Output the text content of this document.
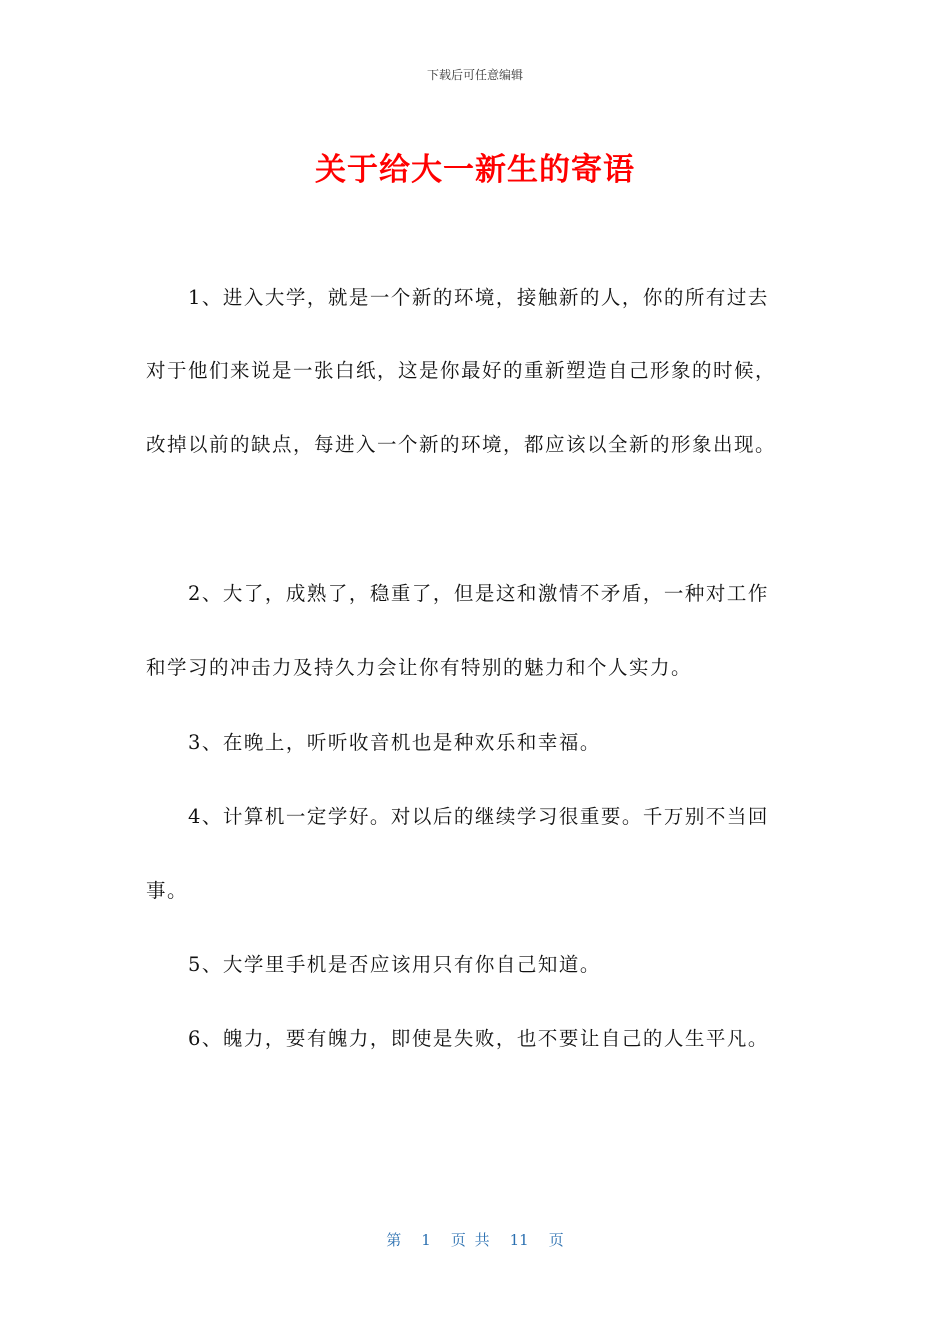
下载后可任意编辑
关于给大一新生的寄语
1、进入大学，就是一个新的环境，接触新的人，你的所有过去
对于他们来说是一张白纸，这是你最好的重新塑造自己形象的时候，
改掉以前的缺点，每进入一个新的环境，都应该以全新的形象出现。
2、大了，成熟了，稳重了，但是这和激情不矛盾，一种对工作
和学习的冲击力及持久力会让你有特别的魅力和个人实力。
3、在晚上，听听收音机也是种欢乐和幸福。
4、计算机一定学好。对以后的继续学习很重要。千万别不当回
事。
5、大学里手机是否应该用只有你自己知道。
6、魄力，要有魄力，即使是失败，也不要让自己的人生平凡。
第 1 页 共 11 页
